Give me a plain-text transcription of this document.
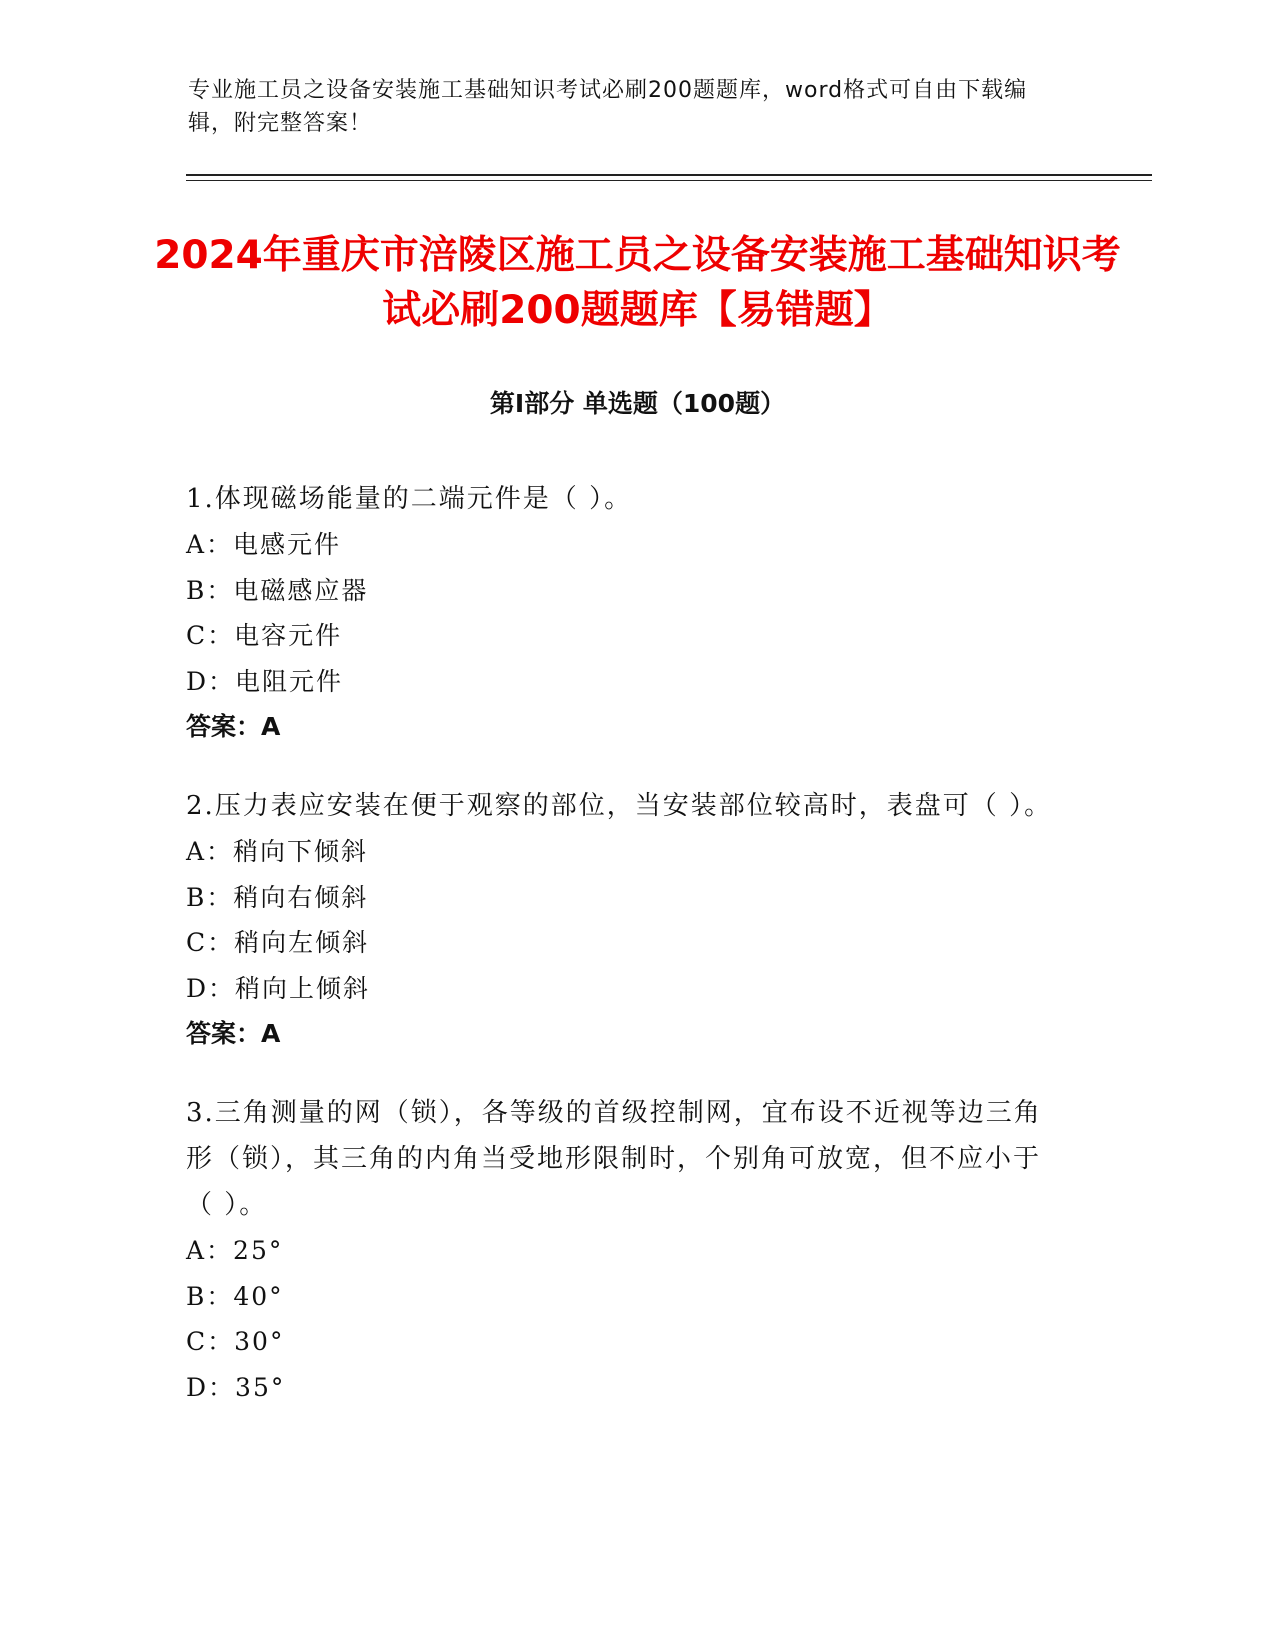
专业施工员之设备安装施工基础知识考试必刷200题题库，word格式可自由下载编辑，附完整答案！
2024年重庆市涪陵区施工员之设备安装施工基础知识考试必刷200题题库【易错题】
第Ⅰ部分 单选题（100题）
1.体现磁场能量的二端元件是（ ）。
A：电感元件
B：电磁感应器
C：电容元件
D：电阻元件
答案：A
2.压力表应安装在便于观察的部位，当安装部位较高时，表盘可（ ）。
A：稍向下倾斜
B：稍向右倾斜
C：稍向左倾斜
D：稍向上倾斜
答案：A
3.三角测量的网（锁），各等级的首级控制网，宜布设不近视等边三角形（锁），其三角的内角当受地形限制时，个别角可放宽，但不应小于（ ）。
A：25°
B：40°
C：30°
D：35°
